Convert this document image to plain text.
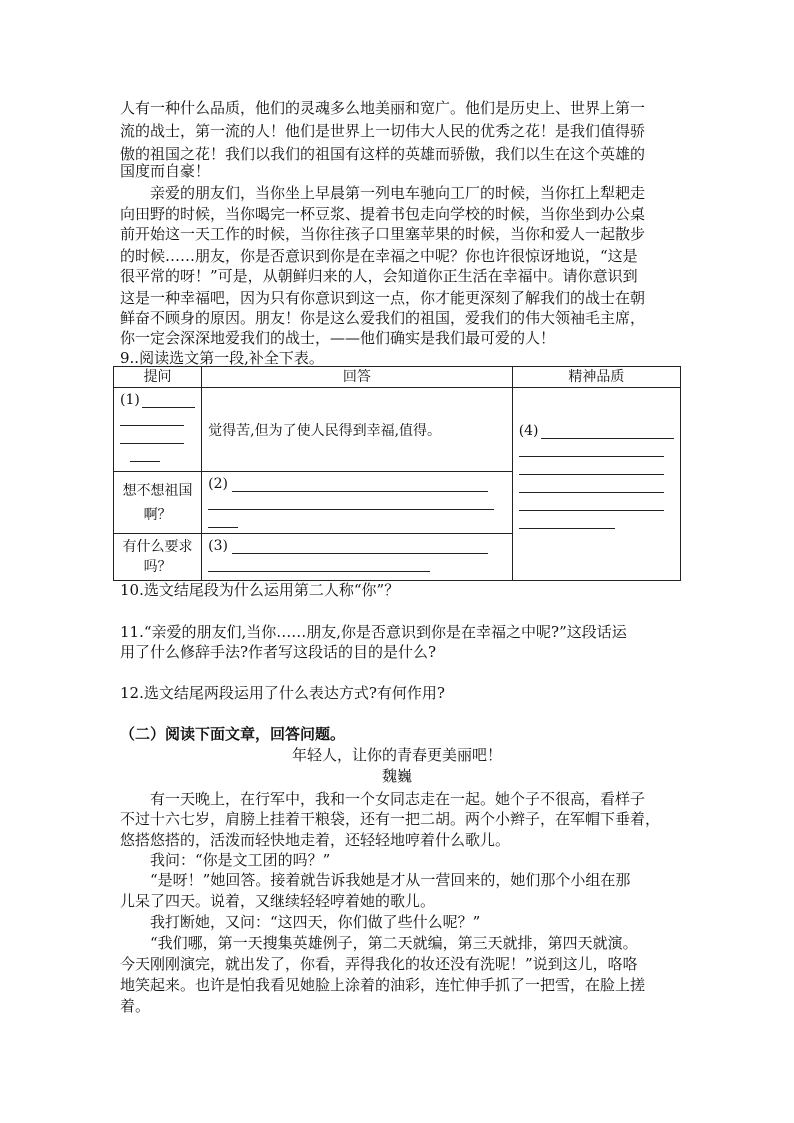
人有一种什么品质，他们的灵魂多么地美丽和宽广。他们是历史上、世界上第一
流的战士，第一流的人！他们是世界上一切伟大人民的优秀之花！是我们值得骄
傲的祖国之花！我们以我们的祖国有这样的英雄而骄傲，我们以生在这个英雄的
国度而自豪！
亲爱的朋友们，当你坐上早晨第一列电车驰向工厂的时候，当你扛上犁耙走
向田野的时候，当你喝完一杯豆浆、提着书包走向学校的时候，当你坐到办公桌
前开始这一天工作的时候，当你往孩子口里塞苹果的时候，当你和爱人一起散步
的时候……朋友，你是否意识到你是在幸福之中呢？你也许很惊讶地说，“这是
很平常的呀！”可是，从朝鲜归来的人，会知道你正生活在幸福中。请你意识到
这是一种幸福吧，因为只有你意识到这一点，你才能更深刻了解我们的战士在朝
鲜奋不顾身的原因。朋友！你是这么爱我们的祖国，爱我们的伟大领袖毛主席，
你一定会深深地爱我们的战士，——他们确实是我们最可爱的人！
9..阅读选文第一段,补全下表。
提问	回答	精神品质

(1)	觉得苦,但为了使人民得到幸福,值得。	(4)

想不想祖国啊？	(2)	

有什么要求吗？	(3)	
10.选文结尾段为什么运用第二人称“你”？
11.“亲爱的朋友们,当你……朋友,你是否意识到你是在幸福之中呢?”这段话运
用了什么修辞手法?作者写这段话的目的是什么?
12.选文结尾两段运用了什么表达方式?有何作用?
（二）阅读下面文章，回答问题。
年轻人，让你的青春更美丽吧！
魏巍
有一天晚上，在行军中，我和一个女同志走在一起。她个子不很高，看样子
不过十六七岁，肩膀上挂着干粮袋，还有一把二胡。两个小辫子，在军帽下垂着，
悠搭悠搭的，活泼而轻快地走着，还轻轻地哼着什么歌儿。
我问：“你是文工团的吗？”
“是呀！”她回答。接着就告诉我她是才从一营回来的，她们那个小组在那
儿呆了四天。说着，又继续轻轻哼着她的歌儿。
我打断她，又问：“这四天，你们做了些什么呢？”
“我们哪，第一天搜集英雄例子，第二天就编，第三天就排，第四天就演。
今天刚刚演完，就出发了，你看，弄得我化的妆还没有洗呢！”说到这儿，咯咯
地笑起来。也许是怕我看见她脸上涂着的油彩，连忙伸手抓了一把雪，在脸上搓
着。
